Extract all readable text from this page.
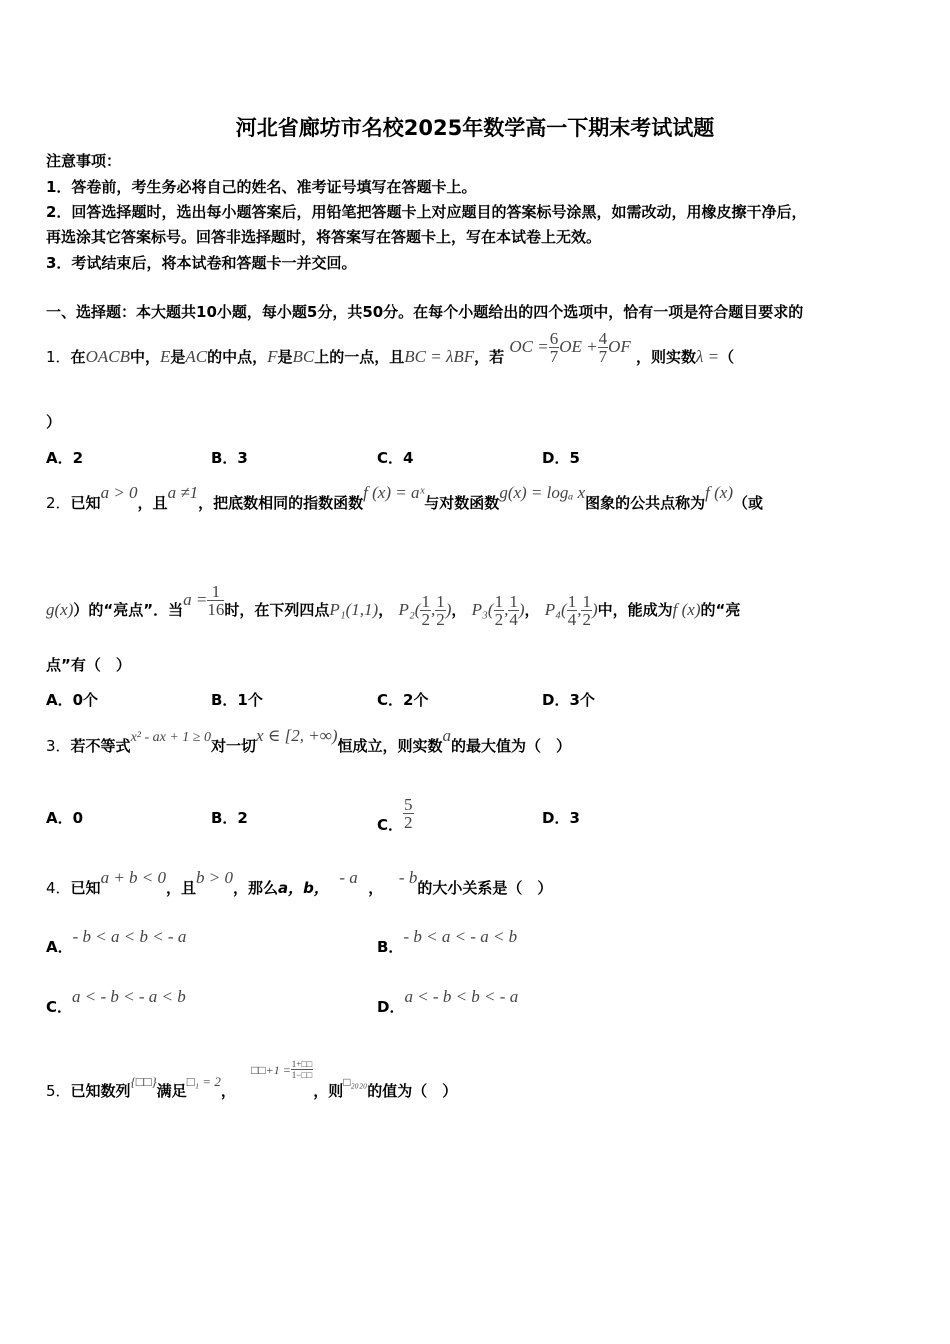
河北省廊坊市名校2025年数学高一下期末考试试题
注意事项：
1．答卷前，考生务必将自己的姓名、准考证号填写在答题卡上。
2．回答选择题时，选出每小题答案后，用铅笔把答题卡上对应题目的答案标号涂黑，如需改动，用橡皮擦干净后，
再选涂其它答案标号。回答非选择题时，将答案写在答题卡上，写在本试卷上无效。
3．考试结束后，将本试卷和答题卡一并交回。
一、选择题：本大题共10小题，每小题5分，共50分。在每个小题给出的四个选项中，恰有一项是符合题目要求的
1．在OACB中，E是AC的中点，F是BC上的一点，且BC = λBF，若 OC = $\frac{6}{7}$ OE + $\frac{4}{7}$ OF ，则实数λ =（
）
A．2	B．3	C．4	D．5
2．已知a > 0，且a ≠1，把底数相同的指数函数f (x) = aˣ与对数函数g(x) = logₐ x图象的公共点称为f (x)（或
g(x)）的“亮点”．当$a = \frac{1}{16}$ 时，在下列四点P₁(1,1)， $P_2( \frac{1}{2}$ , $\frac{1}{2}$ )， $P_3( \frac{1}{2}$ , $\frac{1}{4}$ )， $P_4( \frac{1}{4}$ , $\frac{1}{2}$ )中，能成为f (x)的“亮
点”有（　）
A．0个	B．1个	C．2个	D．3个
3．若不等式x² - ax + 1 ≥ 0对一切x ∈ [2, +∞)恒成立，则实数a的最大值为（　）
A．0	B．2	C． $\frac{5}{2}$	D．3
4．已知a + b < 0，且b > 0，那么a，b，  - a  ，   - b的大小关系是（　）
A．- b < a < b < - a
B．- b < a < - a < b
C．a < - b < - a < b
D．a < - b < b < - a
5．已知数列{□□}满足□₁ = 2， $^{□□+1 =} \frac{1+□□}{1-□□}$
，则$^{□_{2020}}$的值为（　）
